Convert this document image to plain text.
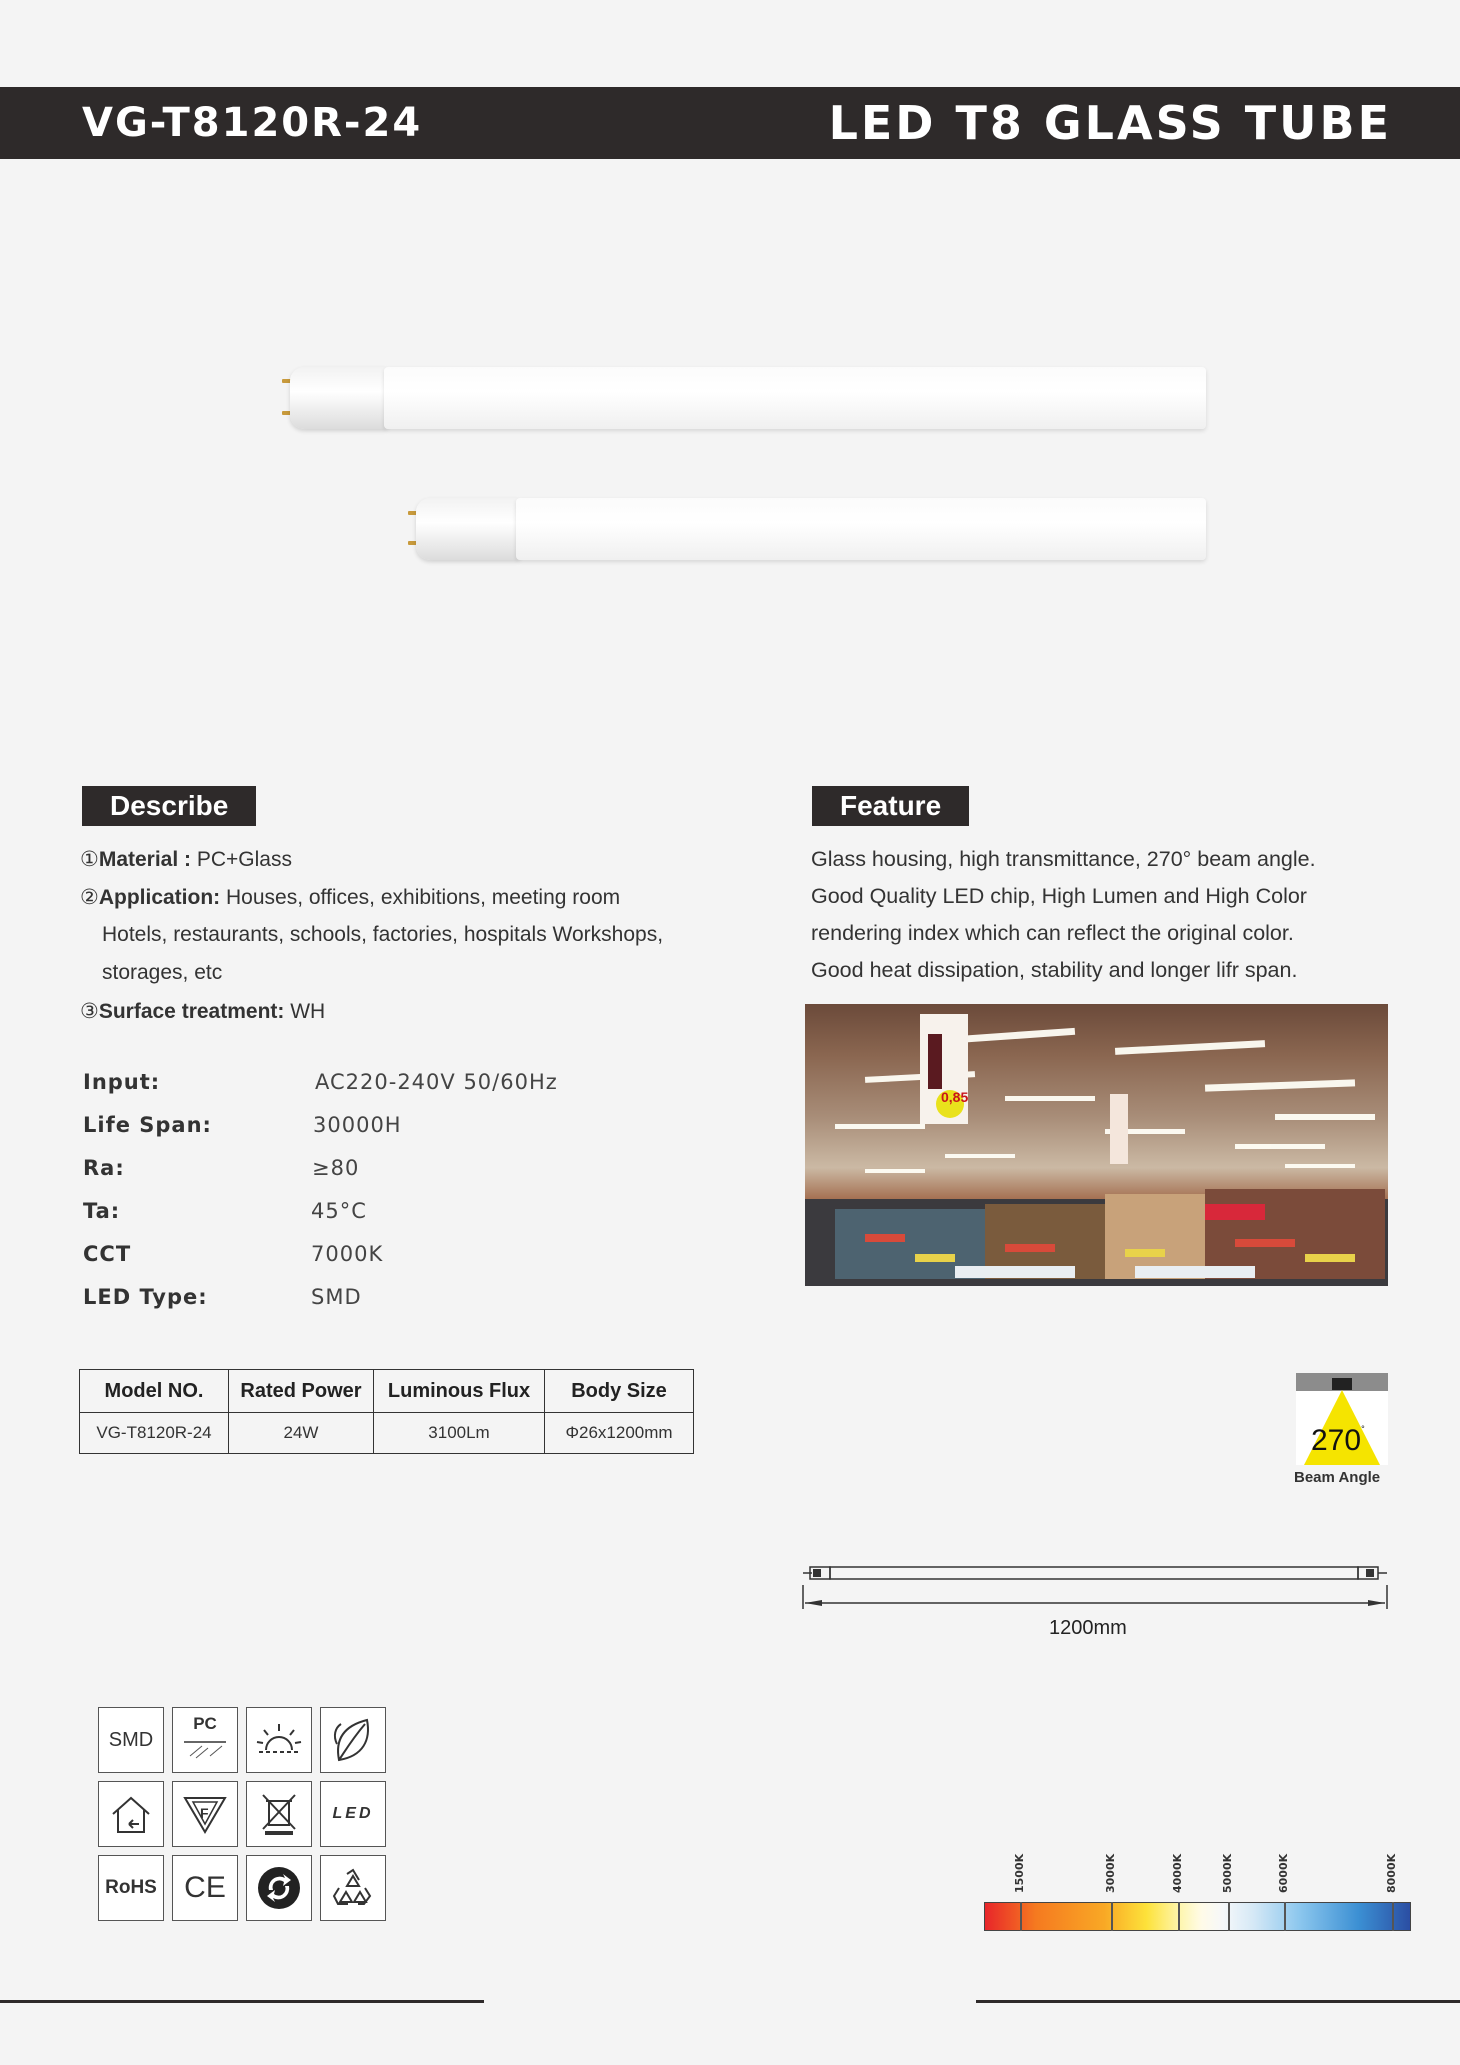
VG-T8120R-24	LED T8 GLASS TUBE
Describe
①Material : PC+Glass
②Application: Houses, offices, exhibitions, meeting room
Hotels, restaurants, schools, factories, hospitals Workshops,
storages, etc
③Surface treatment: WH
Input:	AC220-240V 50/60Hz
Life Span:	30000H
Ra:	≥80
Ta:	45°C
CCT	7000K
LED Type:	SMD
Model NO.	Rated Power	Luminous Flux	Body Size
VG-T8120R-24	24W	3100Lm	Φ26x1200mm
Feature
Glass housing, high transmittance, 270° beam angle.
Good Quality LED chip, High Lumen and High Color
rendering index which can reflect the original color.
Good heat dissipation, stability and longer lifr span.
0,85
270°
Beam Angle
1200mm
SMD
PC
F	LED
RoHS CE	1500K	3000K	4000K	5000K	6000K	8000K
